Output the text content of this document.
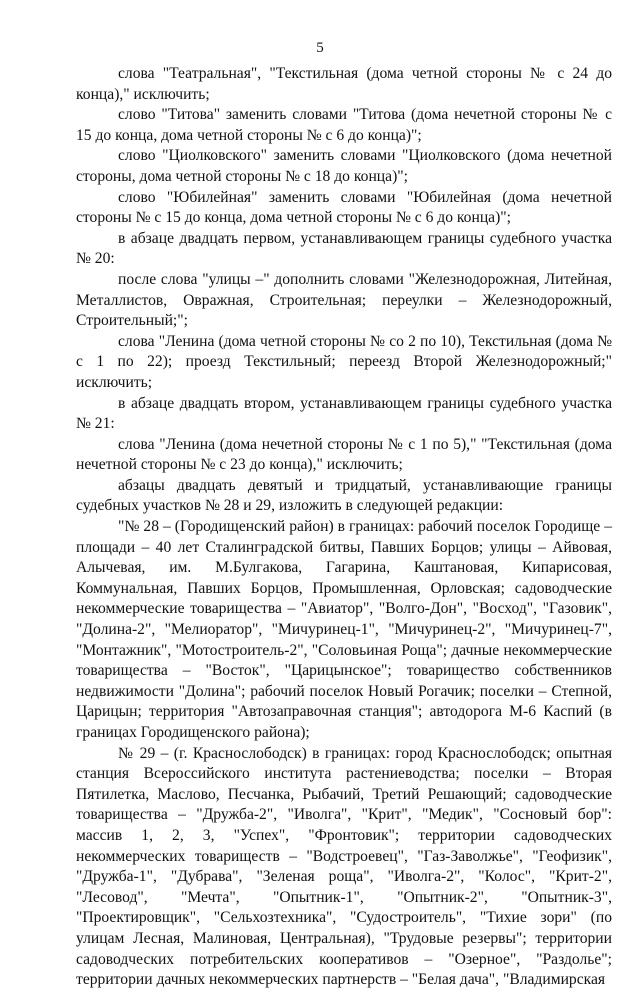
5

слова "Театральная", "Текстильная (дома четной стороны № с 24 до конца)," исключить;

слово "Титова" заменить словами "Титова (дома нечетной стороны № с 15 до конца, дома четной стороны № с 6 до конца)";

слово "Циолковского" заменить словами "Циолковского (дома нечетной стороны, дома четной стороны № с 18 до конца)";

слово "Юбилейная" заменить словами "Юбилейная (дома нечетной стороны № с 15 до конца, дома четной стороны № с 6 до конца)";

в абзаце двадцать первом, устанавливающем границы судебного участка № 20:

после слова "улицы –" дополнить словами "Железнодорожная, Литейная, Металлистов, Овражная, Строительная; переулки – Железнодорожный, Строительный;";

слова "Ленина (дома четной стороны № со 2 по 10), Текстильная (дома № с 1 по 22); проезд Текстильный; переезд Второй Железнодорожный;" исключить;

в абзаце двадцать втором, устанавливающем границы судебного участка № 21:

слова "Ленина (дома нечетной стороны № с 1 по 5)," "Текстильная (дома нечетной стороны № с 23 до конца)," исключить;

абзацы двадцать девятый и тридцатый, устанавливающие границы судебных участков № 28 и 29, изложить в следующей редакции:

"№ 28 – (Городищенский район) в границах: рабочий поселок Городище – площади – 40 лет Сталинградской битвы, Павших Борцов; улицы – Айвовая, Алычевая, им. М.Булгакова, Гагарина, Каштановая, Кипарисовая, Коммунальная, Павших Борцов, Промышленная, Орловская; садоводческие некоммерческие товарищества – "Авиатор", "Волго-Дон", "Восход", "Газовик", "Долина-2", "Мелиоратор", "Мичуринец-1", "Мичуринец-2", "Мичуринец-7", "Монтажник", "Мотостроитель-2", "Соловьиная Роща"; дачные некоммерческие товарищества – "Восток", "Царицынское"; товарищество собственников недвижимости "Долина"; рабочий поселок Новый Рогачик; поселки – Степной, Царицын; территория "Автозаправочная станция"; автодорога М-6 Каспий (в границах Городищенского района);

№ 29 – (г. Краснослободск) в границах: город Краснослободск; опытная станция Всероссийского института растениеводства; поселки – Вторая Пятилетка, Маслово, Песчанка, Рыбачий, Третий Решающий; садоводческие товарищества – "Дружба-2", "Иволга", "Крит", "Медик", "Сосновый бор": массив 1, 2, 3, "Успех", "Фронтовик"; территории садоводческих некоммерческих товариществ – "Водстроевец", "Газ-Заволжье", "Геофизик", "Дружба-1", "Дубрава", "Зеленая роща", "Иволга-2", "Колос", "Крит-2", "Лесовод", "Мечта", "Опытник-1", "Опытник-2", "Опытник-3", "Проектировщик", "Сельхозтехника", "Судостроитель", "Тихие зори" (по улицам Лесная, Малиновая, Центральная), "Трудовые резервы"; территории садоводческих потребительских кооперативов – "Озерное", "Раздолье"; территории дачных некоммерческих партнерств – "Белая дача", "Владимирская
